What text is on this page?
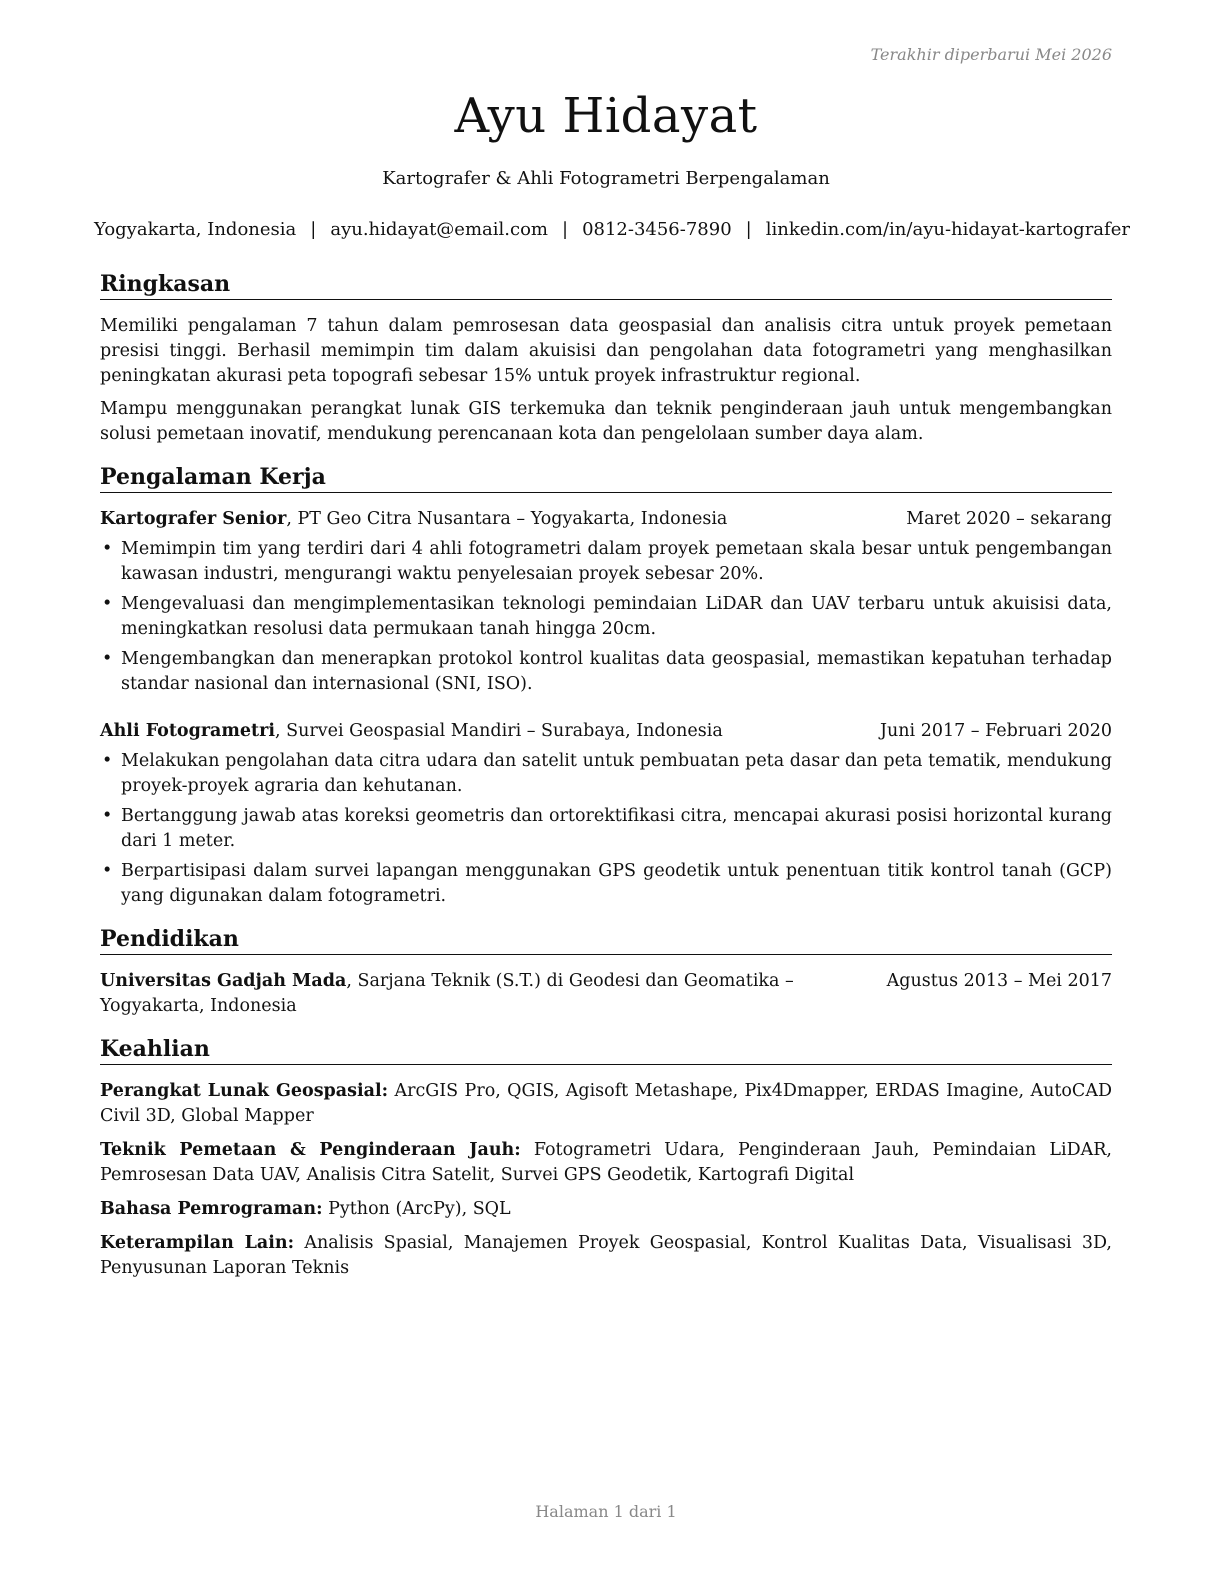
Terakhir diperbarui Mei 2026
Ayu Hidayat
Kartografer & Ahli Fotogrametri Berpengalaman
Yogyakarta, Indonesia | ayu.hidayat@email.com | 0812-3456-7890 | linkedin.com/in/ayu-hidayat-kartografer
Ringkasan

Memiliki pengalaman 7 tahun dalam pemrosesan data geospasial dan analisis citra untuk proyek pemetaan presisi tinggi. Berhasil memimpin tim dalam akuisisi dan pengolahan data fotogrametri yang menghasilkan peningkatan akurasi peta topografi sebesar 15% untuk proyek infrastruktur regional.

Mampu menggunakan perangkat lunak GIS terkemuka dan teknik penginderaan jauh untuk mengembangkan solusi pemetaan inovatif, mendukung perencanaan kota dan pengelolaan sumber daya alam.

Pengalaman Kerja
Kartografer Senior, PT Geo Citra Nusantara – Yogyakarta, Indonesia	Maret 2020 – sekarang
• Memimpin tim yang terdiri dari 4 ahli fotogrametri dalam proyek pemetaan skala besar untuk pengembangan kawasan industri, mengurangi waktu penyelesaian proyek sebesar 20%.
• Mengevaluasi dan mengimplementasikan teknologi pemindaian LiDAR dan UAV terbaru untuk akuisisi data, meningkatkan resolusi data permukaan tanah hingga 20cm.
• Mengembangkan dan menerapkan protokol kontrol kualitas data geospasial, memastikan kepatuhan terhadap standar nasional dan internasional (SNI, ISO).
Ahli Fotogrametri, Survei Geospasial Mandiri – Surabaya, Indonesia	Juni 2017 – Februari 2020
• Melakukan pengolahan data citra udara dan satelit untuk pembuatan peta dasar dan peta tematik, mendukung proyek-proyek agraria dan kehutanan.
• Bertanggung jawab atas koreksi geometris dan ortorektifikasi citra, mencapai akurasi posisi horizontal kurang dari 1 meter.
• Berpartisipasi dalam survei lapangan menggunakan GPS geodetik untuk penentuan titik kontrol tanah (GCP) yang digunakan dalam fotogrametri.
Pendidikan
Universitas Gadjah Mada, Sarjana Teknik (S.T.) di Geodesi dan Geomatika – Yogyakarta, Indonesia
Agustus 2013 – Mei 2017
Keahlian
Perangkat Lunak Geospasial: ArcGIS Pro, QGIS, Agisoft Metashape, Pix4Dmapper, ERDAS Imagine, AutoCAD Civil 3D, Global Mapper
Teknik Pemetaan & Penginderaan Jauh: Fotogrametri Udara, Penginderaan Jauh, Pemindaian LiDAR, Pemrosesan Data UAV, Analisis Citra Satelit, Survei GPS Geodetik, Kartografi Digital
Bahasa Pemrograman: Python (ArcPy), SQL
Keterampilan Lain: Analisis Spasial, Manajemen Proyek Geospasial, Kontrol Kualitas Data, Visualisasi 3D, Penyusunan Laporan Teknis
Halaman 1 dari 1
